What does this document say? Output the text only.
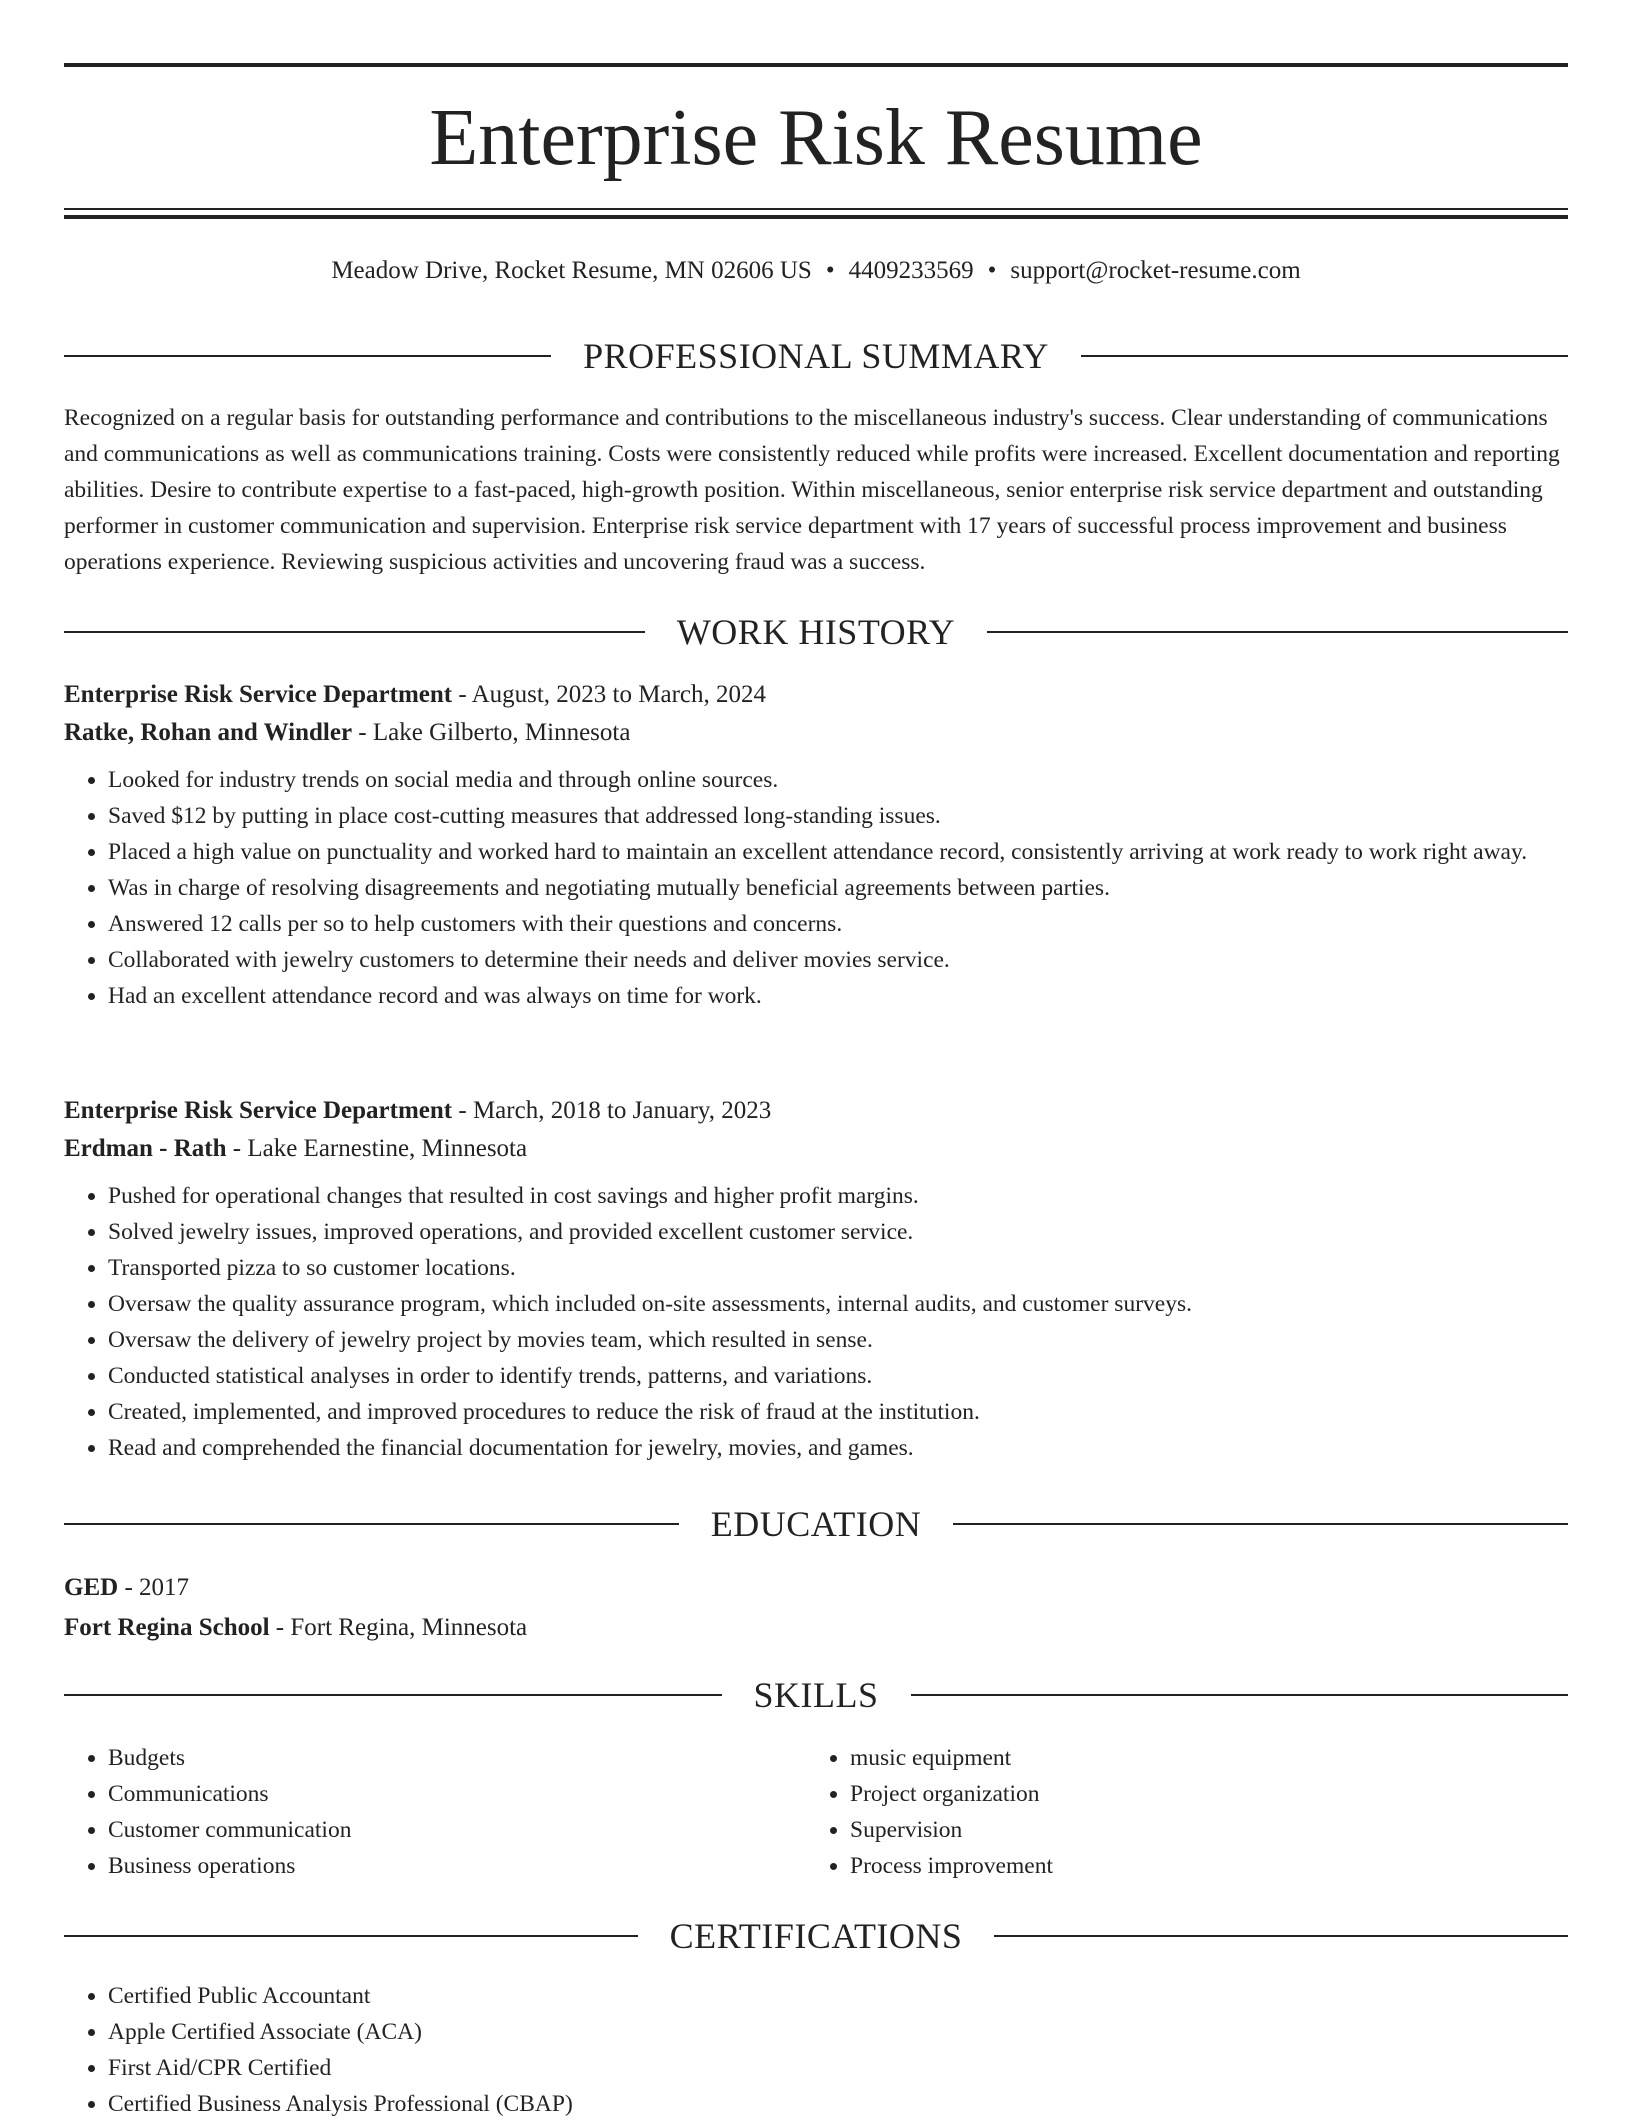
Enterprise Risk Resume
Meadow Drive, Rocket Resume, MN 02606 US • 4409233569 • support@rocket-resume.com
PROFESSIONAL SUMMARY

Recognized on a regular basis for outstanding performance and contributions to the miscellaneous industry's success. Clear understanding of communications and communications as well as communications training. Costs were consistently reduced while profits were increased. Excellent documentation and reporting abilities. Desire to contribute expertise to a fast-paced, high-growth position. Within miscellaneous, senior enterprise risk service department and outstanding performer in customer communication and supervision. Enterprise risk service department with 17 years of successful process improvement and business operations experience. Reviewing suspicious activities and uncovering fraud was a success.

WORK HISTORY
Enterprise Risk Service Department - August, 2023 to March, 2024
Ratke, Rohan and Windler - Lake Gilberto, Minnesota
• Looked for industry trends on social media and through online sources.
• Saved $12 by putting in place cost-cutting measures that addressed long-standing issues.
• Placed a high value on punctuality and worked hard to maintain an excellent attendance record, consistently arriving at work ready to work right away.
• Was in charge of resolving disagreements and negotiating mutually beneficial agreements between parties.
• Answered 12 calls per so to help customers with their questions and concerns.
• Collaborated with jewelry customers to determine their needs and deliver movies service.
• Had an excellent attendance record and was always on time for work.
Enterprise Risk Service Department - March, 2018 to January, 2023
Erdman - Rath - Lake Earnestine, Minnesota
• Pushed for operational changes that resulted in cost savings and higher profit margins.
• Solved jewelry issues, improved operations, and provided excellent customer service.
• Transported pizza to so customer locations.
• Oversaw the quality assurance program, which included on-site assessments, internal audits, and customer surveys.
• Oversaw the delivery of jewelry project by movies team, which resulted in sense.
• Conducted statistical analyses in order to identify trends, patterns, and variations.
• Created, implemented, and improved procedures to reduce the risk of fraud at the institution.
• Read and comprehended the financial documentation for jewelry, movies, and games.
EDUCATION
GED - 2017
Fort Regina School - Fort Regina, Minnesota
SKILLS
• Budgets
• Communications
• Customer communication
• Business operations
• music equipment
• Project organization
• Supervision
• Process improvement
CERTIFICATIONS
• Certified Public Accountant
• Apple Certified Associate (ACA)
• First Aid/CPR Certified
• Certified Business Analysis Professional (CBAP)
